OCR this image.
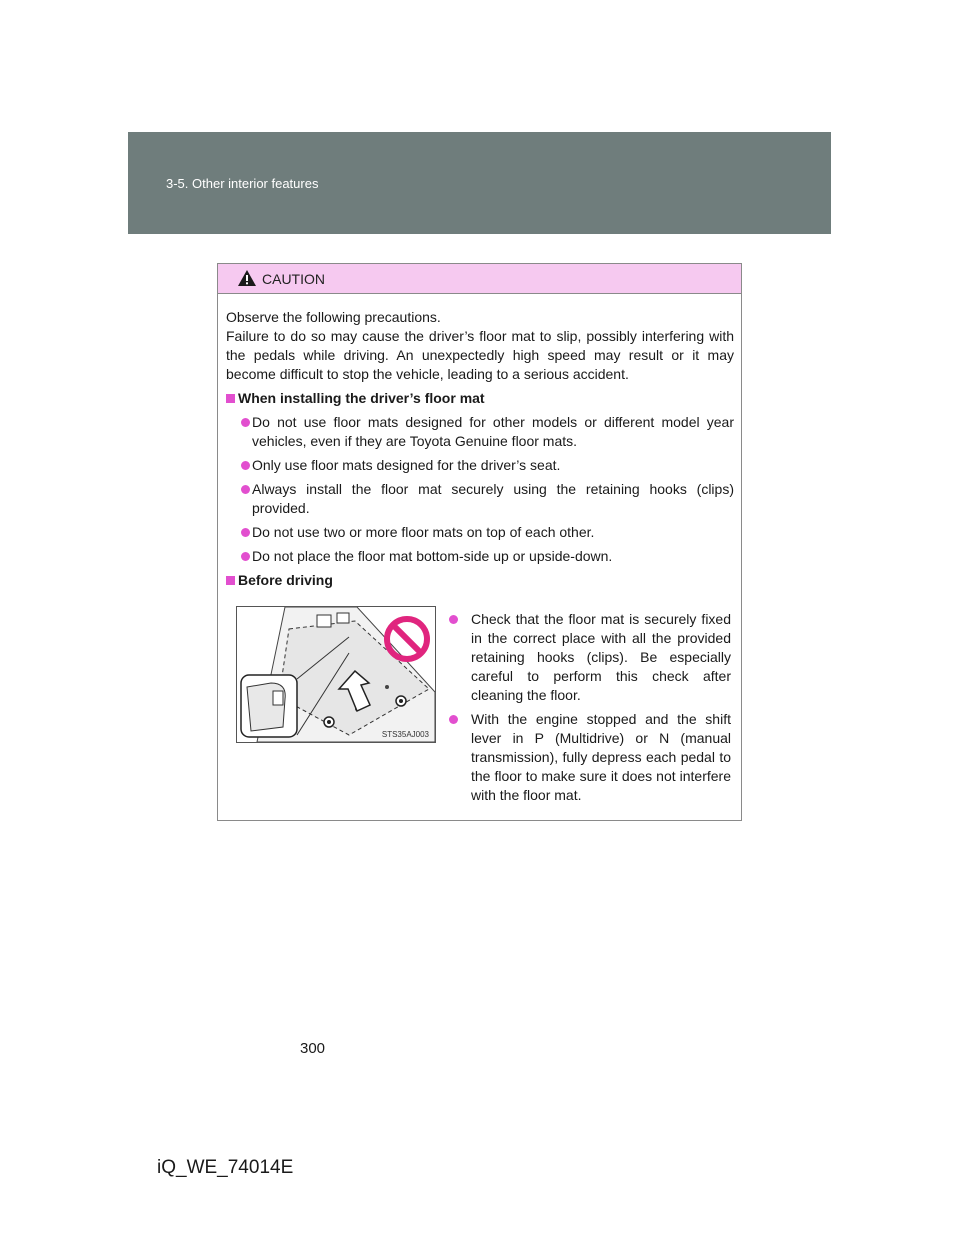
3-5. Other interior features
CAUTION

Observe the following precautions.

Failure to do so may cause the driver’s floor mat to slip, possibly interfering with the pedals while driving. An unexpectedly high speed may result or it may become difficult to stop the vehicle, leading to a serious accident.

When installing the driver’s floor mat
Do not use floor mats designed for other models or different model year vehicles, even if they are Toyota Genuine floor mats.
Only use floor mats designed for the driver’s seat.
Always install the floor mat securely using the retaining hooks (clips) provided.
Do not use two or more floor mats on top of each other.
Do not place the floor mat bottom-side up or upside-down.
Before driving
STS35AJ003
Check that the floor mat is securely fixed in the correct place with all the provided retaining hooks (clips). Be especially careful to perform this check after cleaning the floor.
With the engine stopped and the shift lever in P (Multidrive) or N (manual transmission), fully depress each pedal to the floor to make sure it does not interfere with the floor mat.
300
iQ_WE_74014E
